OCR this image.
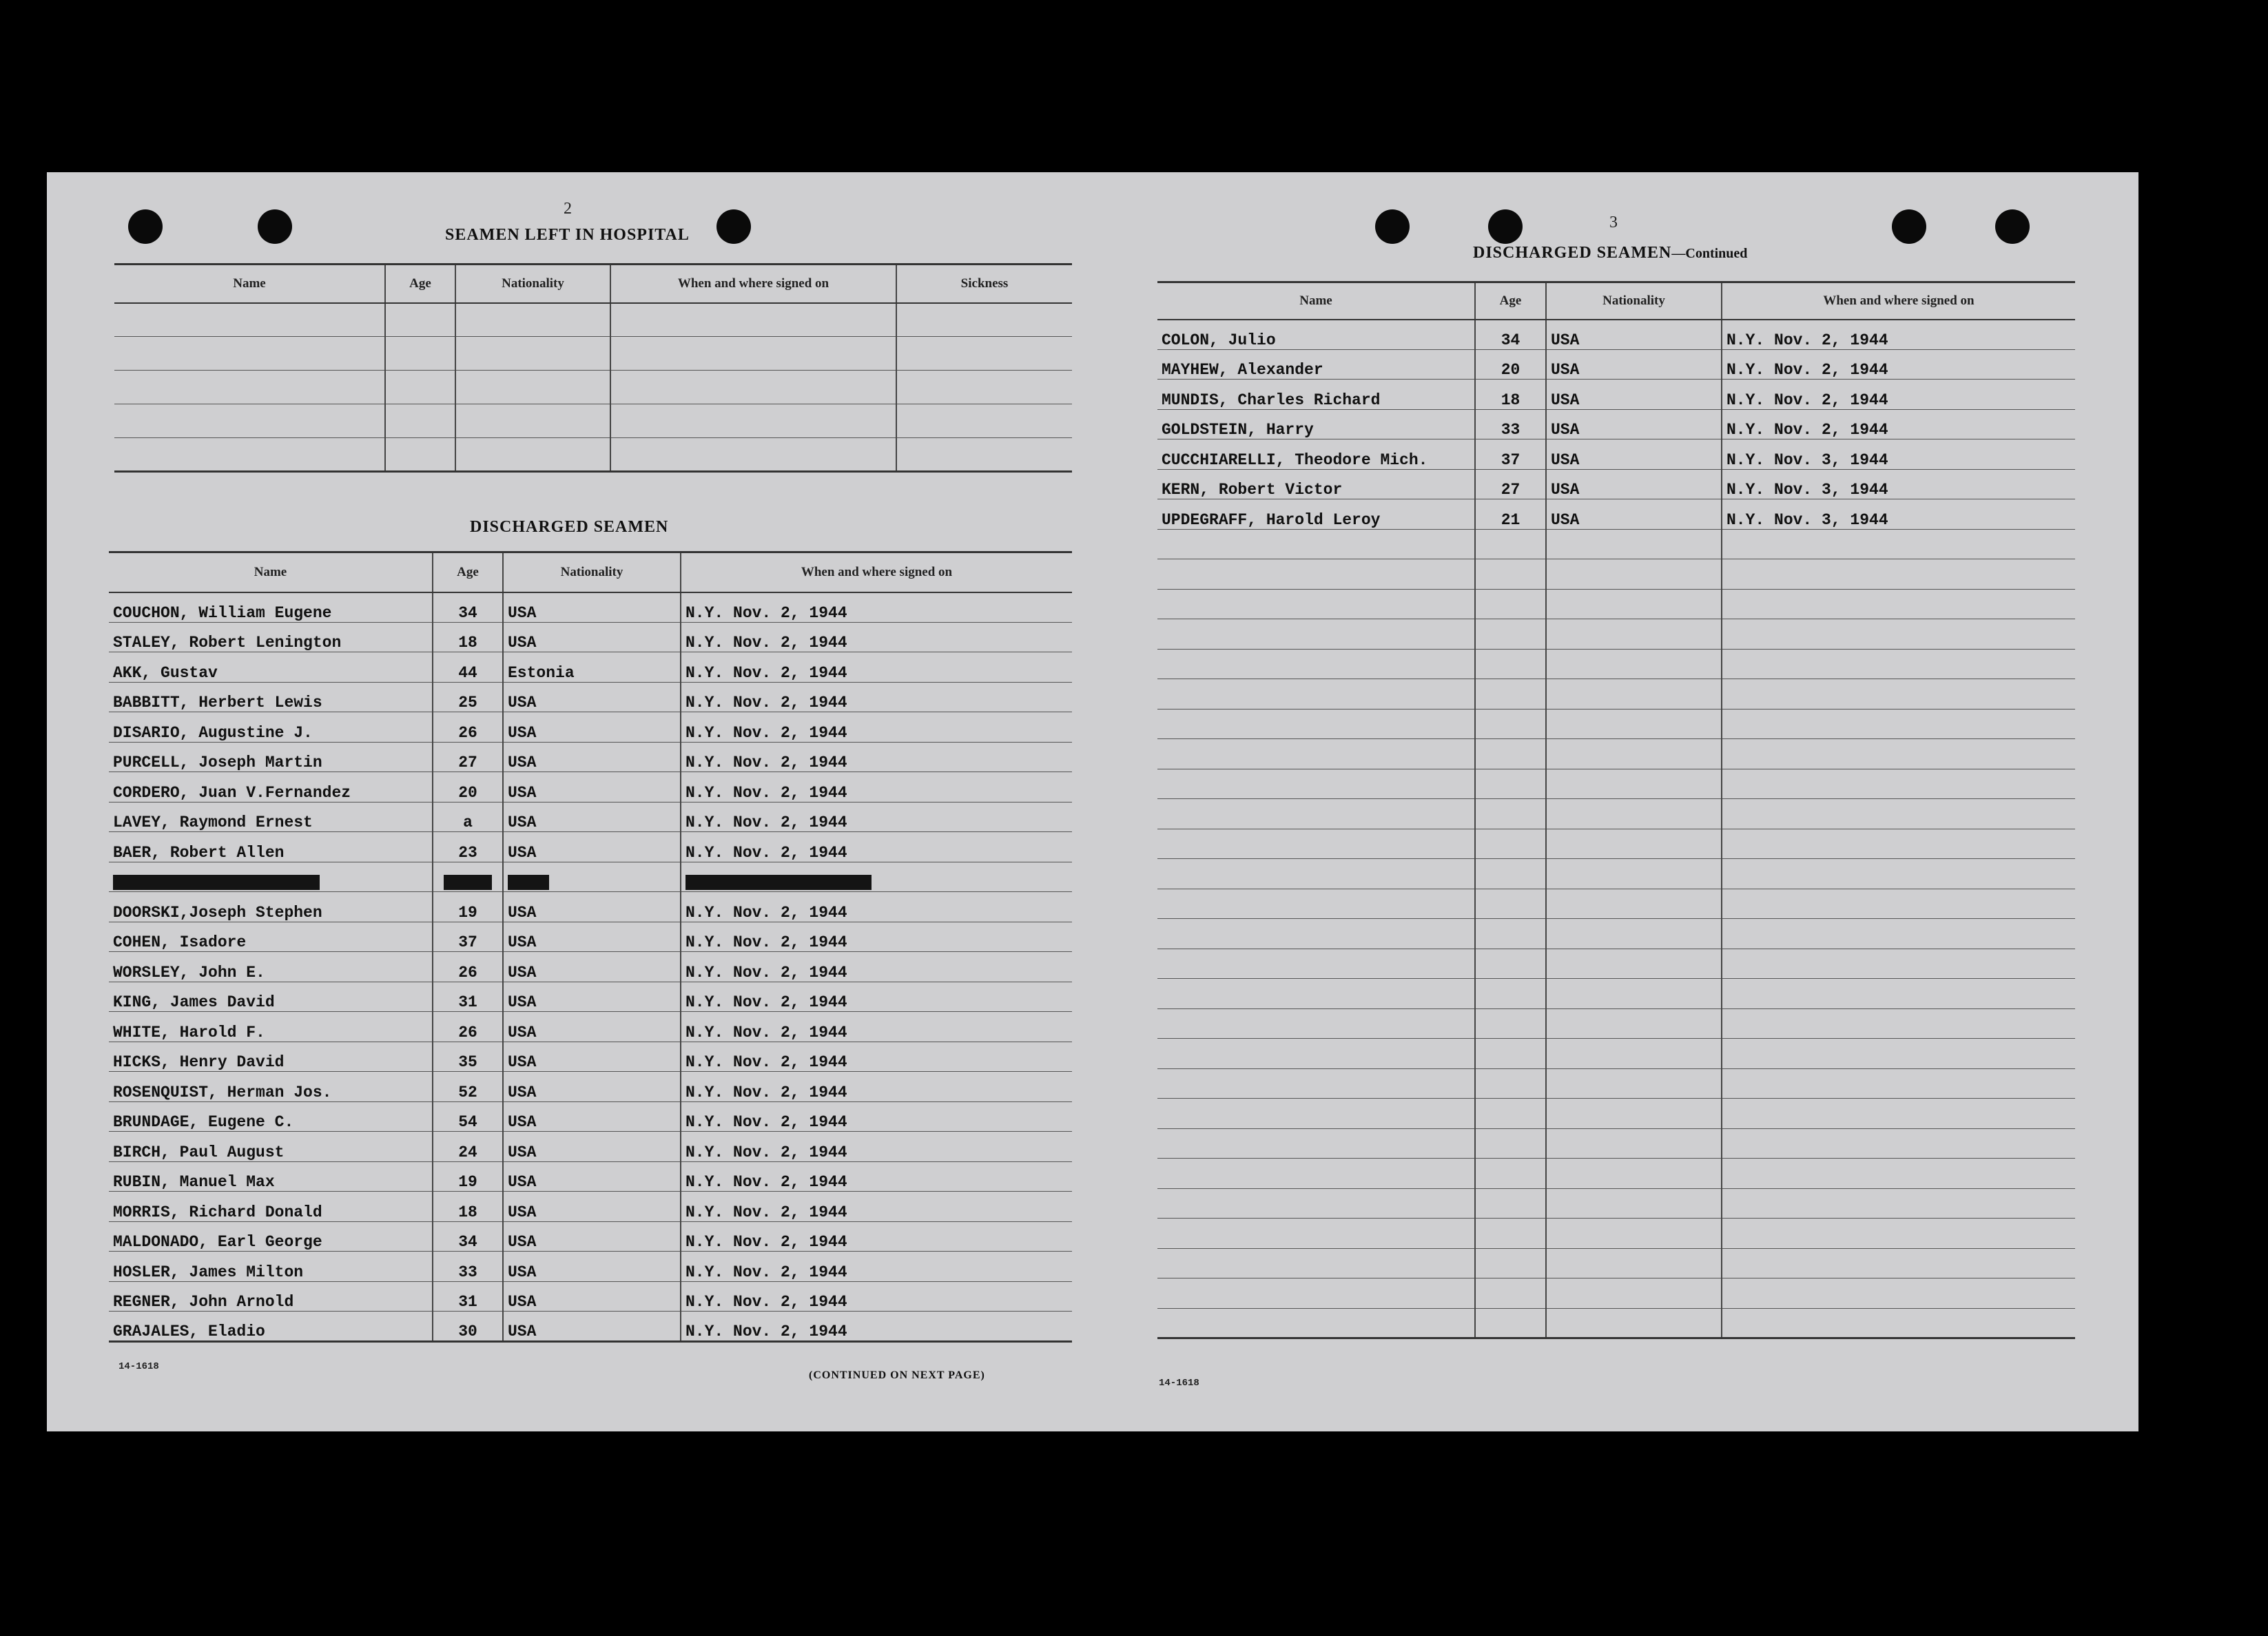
2
SEAMEN LEFT IN HOSPITAL
Name	Age	Nationality	When and where signed on	Sickness

DISCHARGED SEAMEN
Name	Age	Nationality	When and where signed on
COUCHON, William Eugene	34	USA	N.Y. Nov. 2, 1944
STALEY, Robert Lenington	18	USA	N.Y. Nov. 2, 1944
AKK, Gustav	44	Estonia	N.Y. Nov. 2, 1944
BABBITT, Herbert Lewis	25	USA	N.Y. Nov. 2, 1944
DISARIO, Augustine J.	26	USA	N.Y. Nov. 2, 1944
PURCELL, Joseph Martin	27	USA	N.Y. Nov. 2, 1944
CORDERO, Juan V.Fernandez	20	USA	N.Y. Nov. 2, 1944
LAVEY, Raymond Ernest	a	USA	N.Y. Nov. 2, 1944
BAER, Robert Allen	23	USA	N.Y. Nov. 2, 1944

DOORSKI,Joseph Stephen	19	USA	N.Y. Nov. 2, 1944
COHEN, Isadore	37	USA	N.Y. Nov. 2, 1944
WORSLEY, John E.	26	USA	N.Y. Nov. 2, 1944
KING, James David	31	USA	N.Y. Nov. 2, 1944
WHITE, Harold F.	26	USA	N.Y. Nov. 2, 1944
HICKS, Henry David	35	USA	N.Y. Nov. 2, 1944
ROSENQUIST, Herman Jos.	52	USA	N.Y. Nov. 2, 1944
BRUNDAGE, Eugene C.	54	USA	N.Y. Nov. 2, 1944
BIRCH, Paul August	24	USA	N.Y. Nov. 2, 1944
RUBIN, Manuel Max	19	USA	N.Y. Nov. 2, 1944
MORRIS, Richard Donald	18	USA	N.Y. Nov. 2, 1944
MALDONADO, Earl George	34	USA	N.Y. Nov. 2, 1944
HOSLER, James Milton	33	USA	N.Y. Nov. 2, 1944
REGNER, John Arnold	31	USA	N.Y. Nov. 2, 1944
GRAJALES, Eladio	30	USA	N.Y. Nov. 2, 1944
14-1618
(CONTINUED ON NEXT PAGE)
3
DISCHARGED SEAMEN—Continued
Name	Age	Nationality	When and where signed on
COLON, Julio	34	USA	N.Y. Nov. 2, 1944
MAYHEW, Alexander	20	USA	N.Y. Nov. 2, 1944
MUNDIS, Charles Richard	18	USA	N.Y. Nov. 2, 1944
GOLDSTEIN, Harry	33	USA	N.Y. Nov. 2, 1944
CUCCHIARELLI, Theodore Mich.	37	USA	N.Y. Nov. 3, 1944
KERN, Robert Victor	27	USA	N.Y. Nov. 3, 1944
UPDEGRAFF, Harold Leroy	21	USA	N.Y. Nov. 3, 1944

14-1618
